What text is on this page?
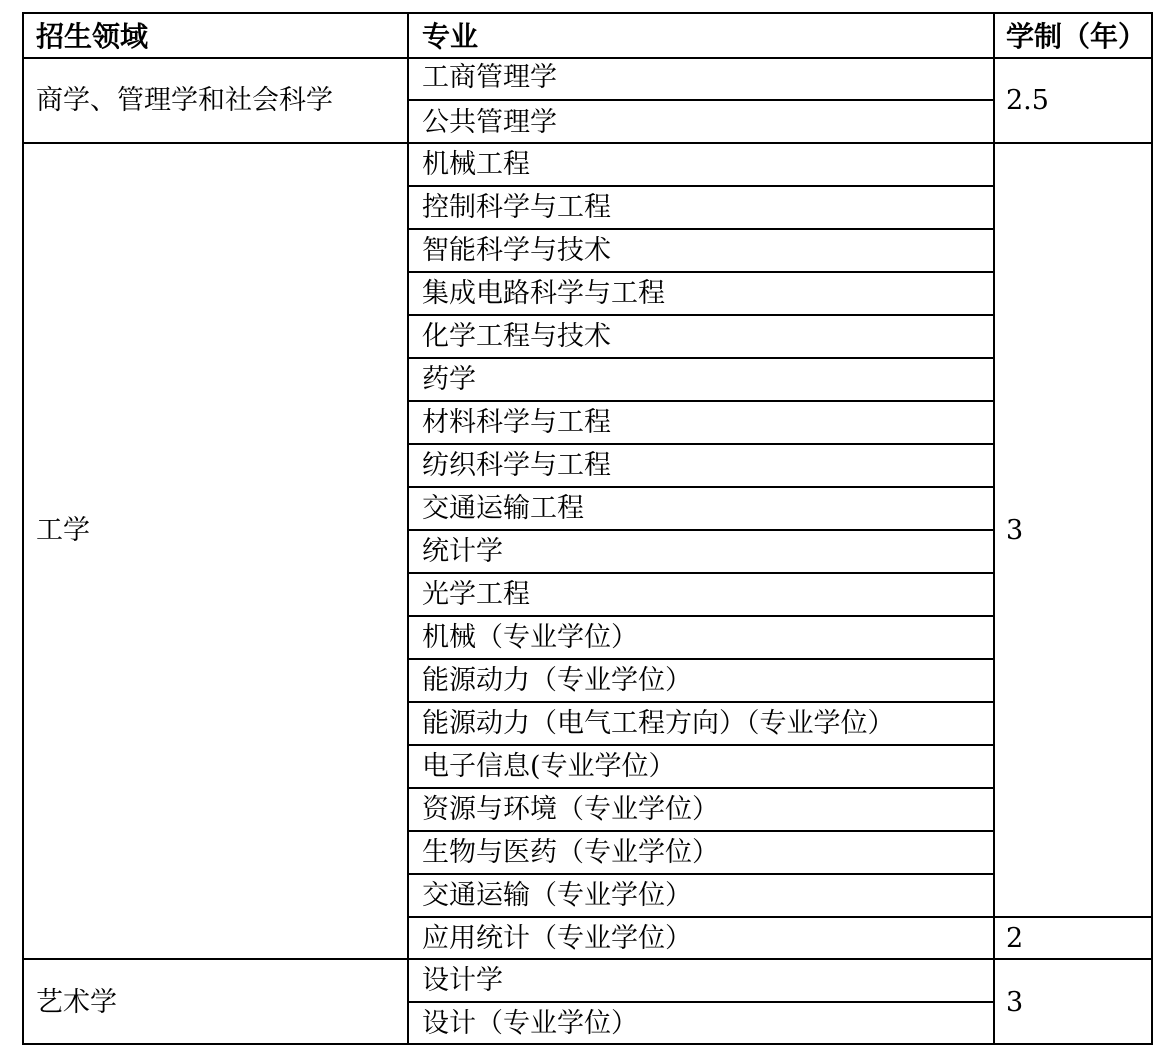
招生领域	专业	学制（年）
商学、管理学和社会科学
工商管理学
公共管理学
2.5
工学
机械工程
控制科学与工程
智能科学与技术
集成电路科学与工程
化学工程与技术
药学
材料科学与工程
纺织科学与工程
交通运输工程
统计学
光学工程
机械（专业学位）
能源动力（专业学位）
能源动力（电气工程方向）（专业学位）
电子信息(专业学位）
资源与环境（专业学位）
生物与医药（专业学位）
交通运输（专业学位）
应用统计（专业学位）
3
2
艺术学
设计学
设计（专业学位）
3
